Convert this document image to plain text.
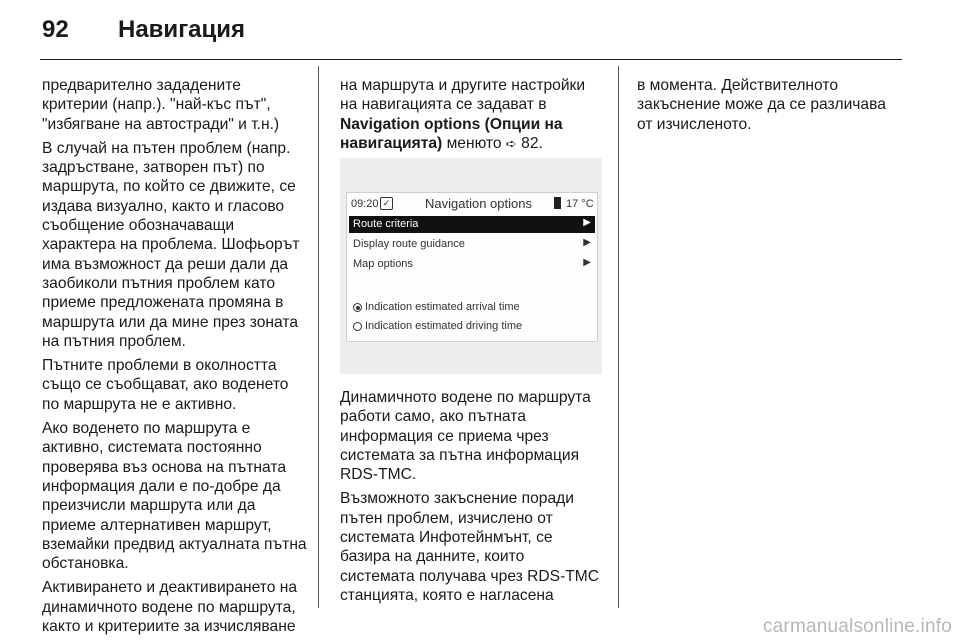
92	Навигация

предварително зададените критерии (напр.). "най-къс път", "избягване на автостради" и т.н.)

В случай на пътен проблем (напр. задръстване, затворен път) по маршрута, по който се движите, се издава визуално, както и гласово съобщение обозначаващи характера на проблема. Шофьорът има възможност да реши дали да заобиколи пътния проблем като приеме предложената промяна в маршрута или да мине през зоната на пътния проблем.

Пътните проблеми в околността също се съобщават, ако воденето по маршрута не е активно.

Ако воденето по маршрута е активно, системата постоянно проверява въз основа на пътната информация дали е по-добре да преизчисли маршрута или да приеме алтернативен маршрут, вземайки предвид актуалната пътна обстановка.

Активирането и деактивирането на динамичното водене по маршрута, както и критериите за изчисляване

на маршрута и другите настройки на навигацията се задават в Navigation options (Опции на навигацията) менюто ➪ 82.

09:20 ✓	Navigation options	17 °C
Route criteria	▶
Display route guidance	▶
Map options	▶
Indication estimated arrival time
Indication estimated driving time

Динамичното водене по маршрута работи само, ако пътната информация се приема чрез системата за пътна информация RDS-TMC.

Възможното закъснение поради пътен проблем, изчислено от системата Инфотейнмънт, се базира на данните, които системата получава чрез RDS-TMC станцията, която е нагласена

в момента. Действителното закъснение може да се различава от изчисленото.

carmanualsonline.info
